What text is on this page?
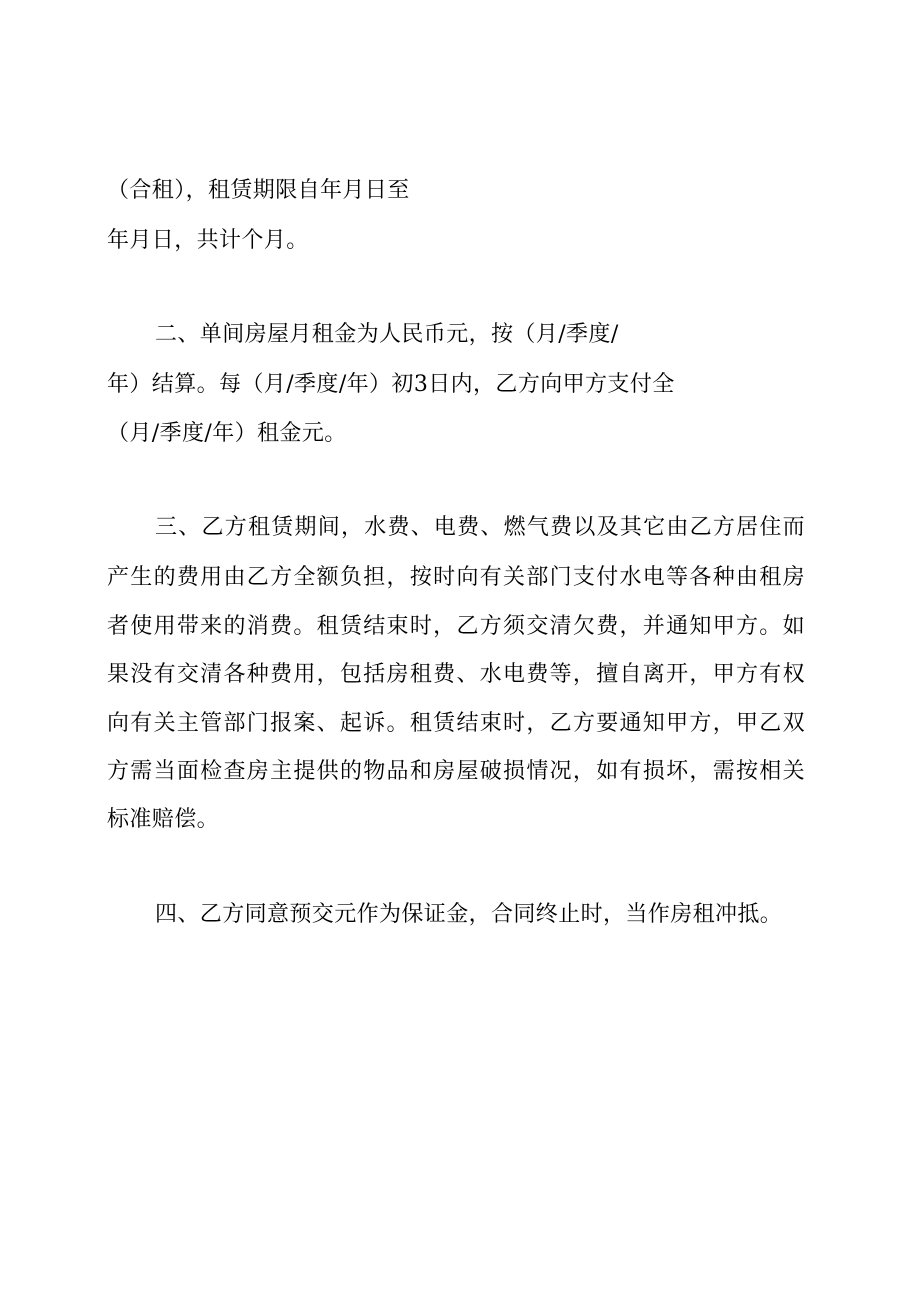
（合租），租赁期限自年月日至
年月日，共计个月。
二、单间房屋月租金为人民币元，按（月/季度/
年）结算。每（月/季度/年）初3日内，乙方向甲方支付全
（月/季度/年）租金元。
三、乙方租赁期间，水费、电费、燃气费以及其它由乙方居住而
产生的费用由乙方全额负担，按时向有关部门支付水电等各种由租房
者使用带来的消费。租赁结束时，乙方须交清欠费，并通知甲方。如
果没有交清各种费用，包括房租费、水电费等，擅自离开，甲方有权
向有关主管部门报案、起诉。租赁结束时，乙方要通知甲方，甲乙双
方需当面检查房主提供的物品和房屋破损情况，如有损坏，需按相关
标准赔偿。
四、乙方同意预交元作为保证金，合同终止时，当作房租冲抵。
